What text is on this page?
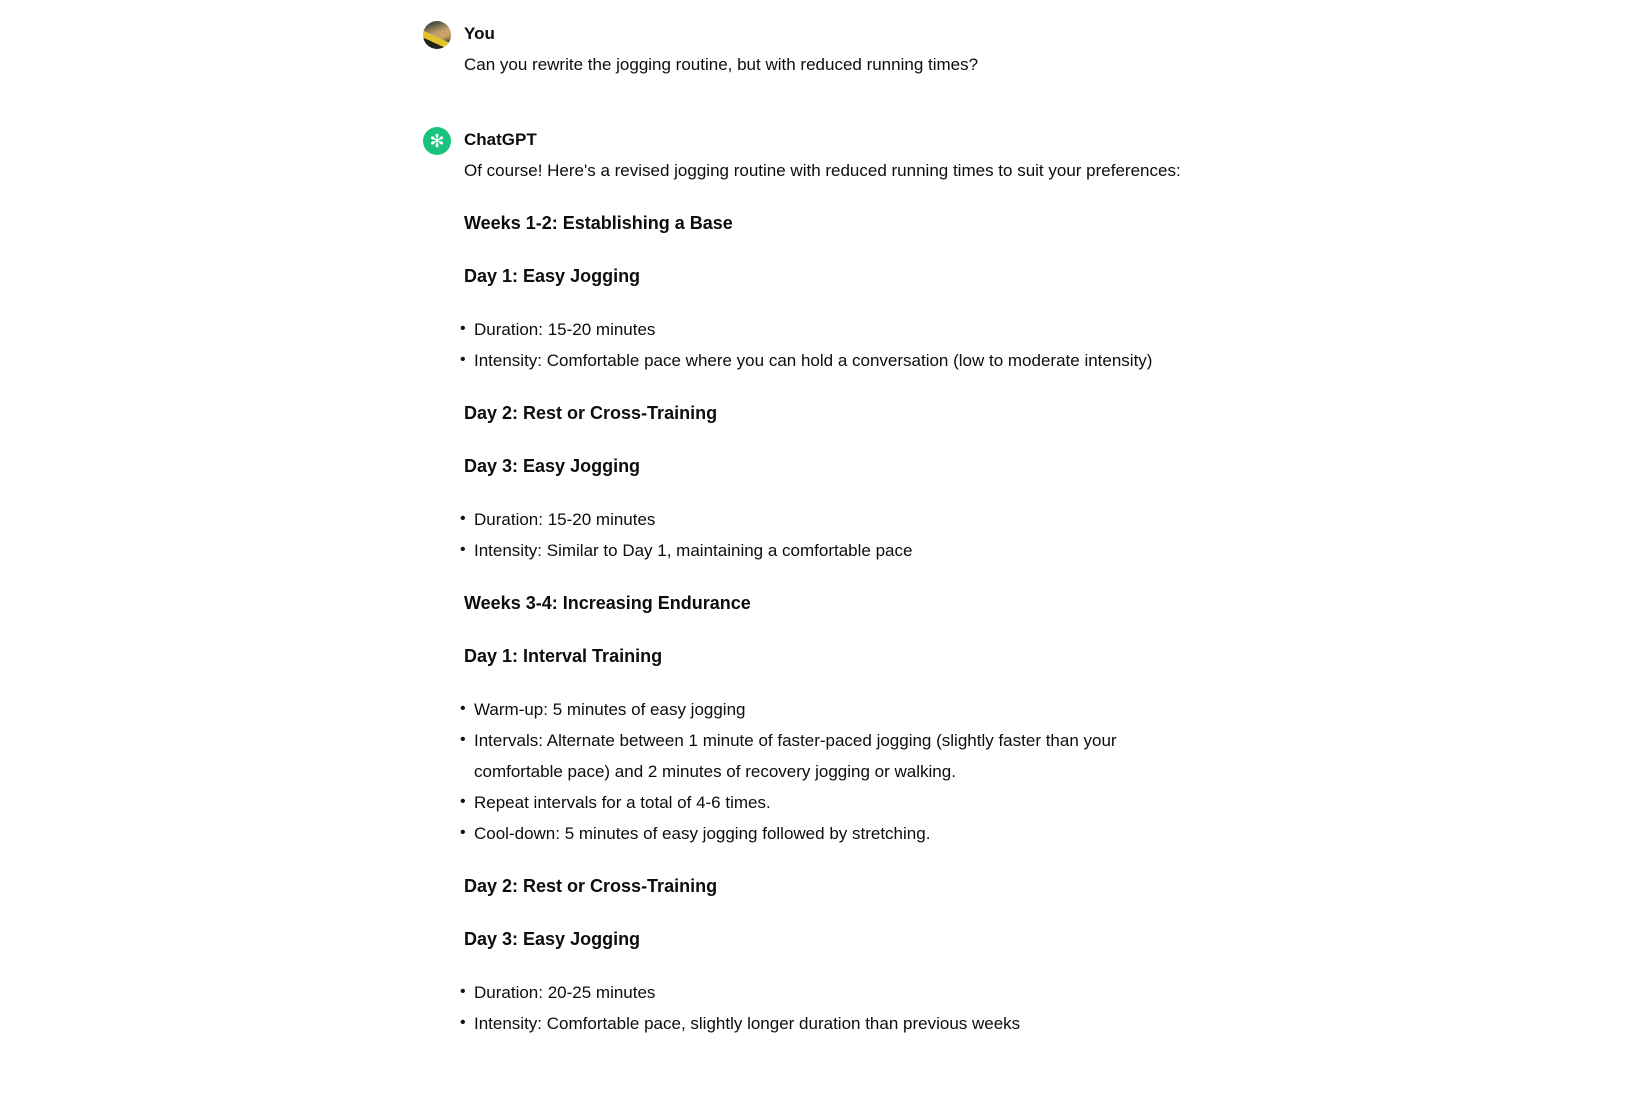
You

Can you rewrite the jogging routine, but with reduced running times?

✻ ChatGPT

Of course! Here's a revised jogging routine with reduced running times to suit your preferences:

Weeks 1-2: Establishing a Base
Day 1: Easy Jogging
• Duration: 15-20 minutes
• Intensity: Comfortable pace where you can hold a conversation (low to moderate intensity)
Day 2: Rest or Cross-Training
Day 3: Easy Jogging
• Duration: 15-20 minutes
• Intensity: Similar to Day 1, maintaining a comfortable pace
Weeks 3-4: Increasing Endurance
Day 1: Interval Training
• Warm-up: 5 minutes of easy jogging
• Intervals: Alternate between 1 minute of faster-paced jogging (slightly faster than your comfortable pace) and 2 minutes of recovery jogging or walking.
• Repeat intervals for a total of 4-6 times.
• Cool-down: 5 minutes of easy jogging followed by stretching.
Day 2: Rest or Cross-Training
Day 3: Easy Jogging
• Duration: 20-25 minutes
• Intensity: Comfortable pace, slightly longer duration than previous weeks
